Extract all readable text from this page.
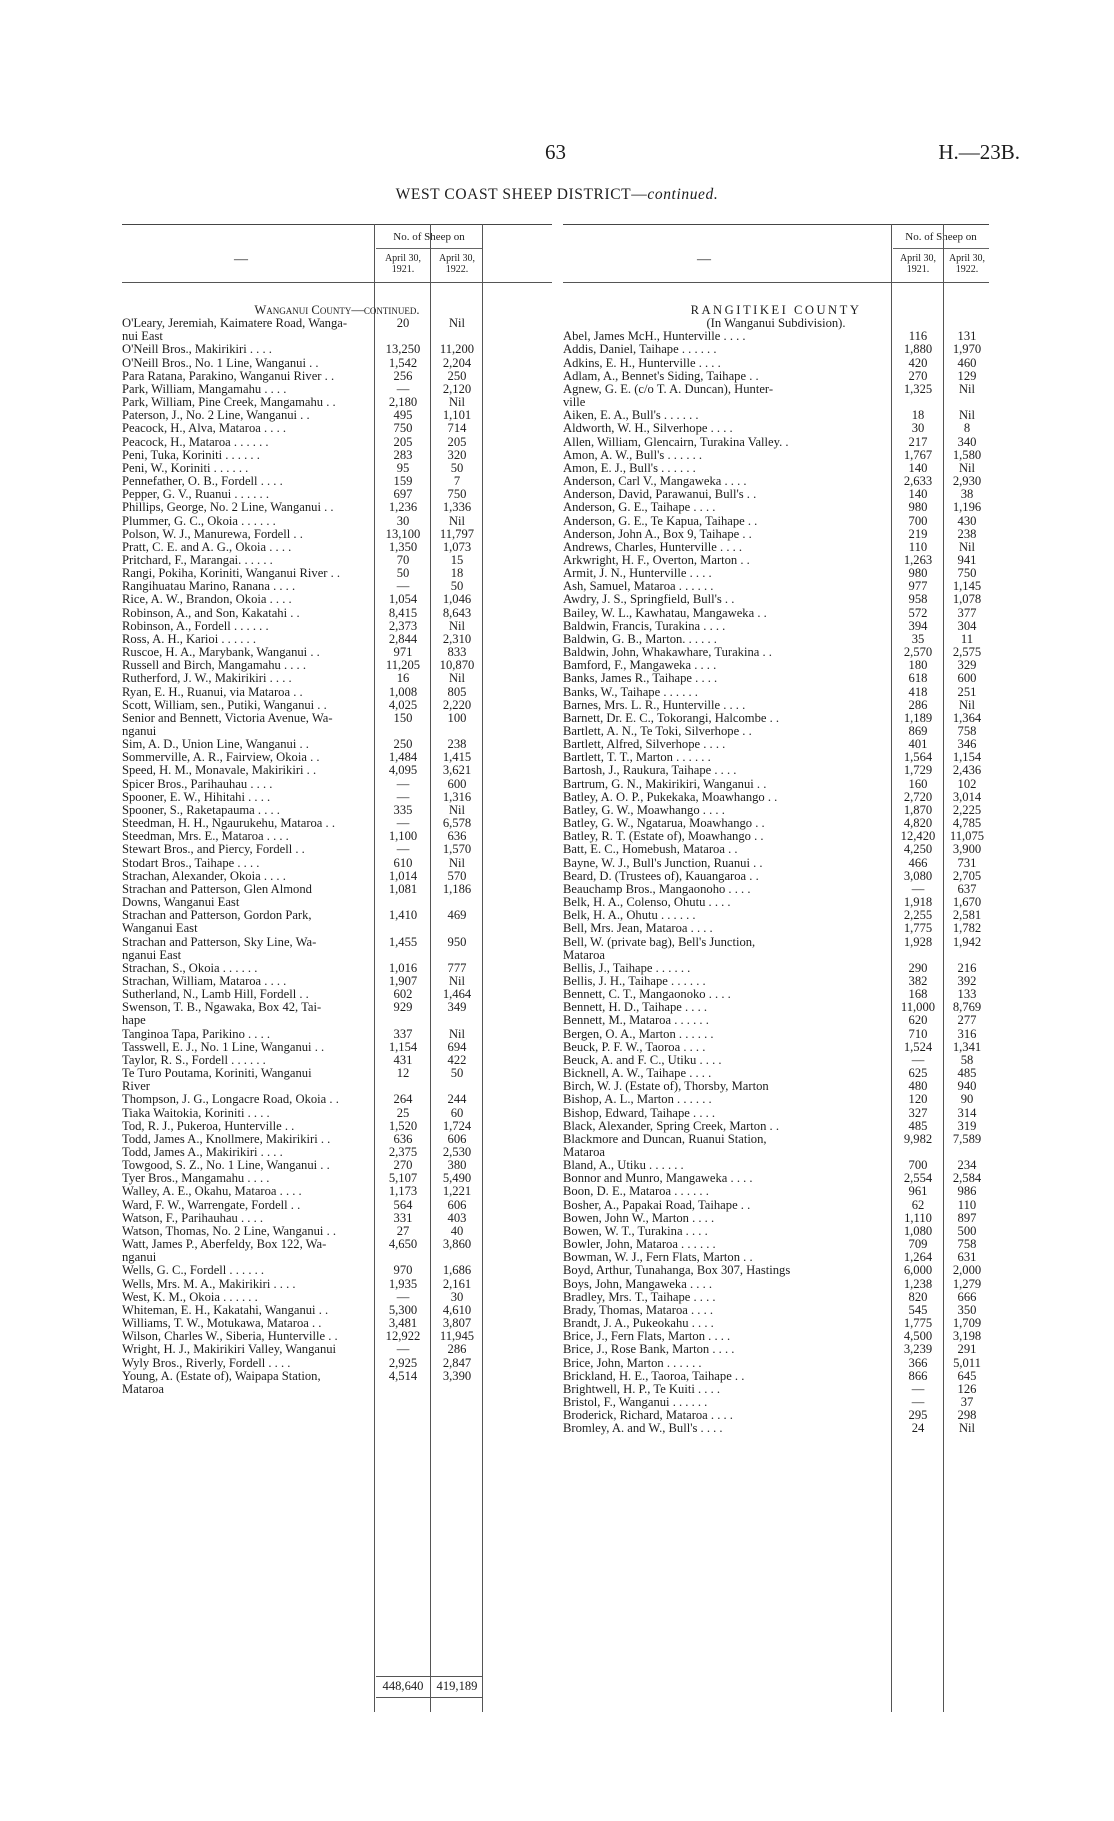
63	H.—23B.
WEST COAST SHEEP DISTRICT—continued.
—
No. of Sheep on
April 30,
1921.
April 30,
1922.
Wanganui County—continued.
O'Leary, Jeremiah, Kaimatere Road, Wanga-	20	Nil
nui East
O'Neill Bros., Makirikiri . . . .	13,250	11,200
O'Neill Bros., No. 1 Line, Wanganui . .	1,542	2,204
Para Ratana, Parakino, Wanganui River . .	256	250
Park, William, Mangamahu . . . .	—	2,120
Park, William, Pine Creek, Mangamahu . .	2,180	Nil
Paterson, J., No. 2 Line, Wanganui . .	495	1,101
Peacock, H., Alva, Mataroa . . . .	750	714
Peacock, H., Mataroa . . . . . .	205	205
Peni, Tuka, Koriniti . . . . . .	283	320
Peni, W., Koriniti . . . . . .	95	50
Pennefather, O. B., Fordell . . . .	159	7
Pepper, G. V., Ruanui . . . . . .	697	750
Phillips, George, No. 2 Line, Wanganui . .	1,236	1,336
Plummer, G. C., Okoia . . . . . .	30	Nil
Polson, W. J., Manurewa, Fordell . .	13,100	11,797
Pratt, C. E. and A. G., Okoia . . . .	1,350	1,073
Pritchard, F., Marangai. . . . . .	70	15
Rangi, Pokiha, Koriniti, Wanganui River . .	50	18
Rangihuatau Marino, Ranana . . . .	—	50
Rice, A. W., Brandon, Okoia . . . .	1,054	1,046
Robinson, A., and Son, Kakatahi . .	8,415	8,643
Robinson, A., Fordell . . . . . .	2,373	Nil
Ross, A. H., Karioi . . . . . .	2,844	2,310
Ruscoe, H. A., Marybank, Wanganui . .	971	833
Russell and Birch, Mangamahu . . . .	11,205	10,870
Rutherford, J. W., Makirikiri . . . .	16	Nil
Ryan, E. H., Ruanui, via Mataroa . .	1,008	805
Scott, William, sen., Putiki, Wanganui . .	4,025	2,220
Senior and Bennett, Victoria Avenue, Wa-	150	100
nganui
Sim, A. D., Union Line, Wanganui . .	250	238
Sommerville, A. R., Fairview, Okoia . .	1,484	1,415
Speed, H. M., Monavale, Makirikiri . .	4,095	3,621
Spicer Bros., Parihauhau . . . .	—	600
Spooner, E. W., Hihitahi . . . .	—	1,316
Spooner, S., Raketapauma . . . .	335	Nil
Steedman, H. H., Ngaurukehu, Mataroa . .	—	6,578
Steedman, Mrs. E., Mataroa . . . .	1,100	636
Stewart Bros., and Piercy, Fordell . .	—	1,570
Stodart Bros., Taihape . . . .	610	Nil
Strachan, Alexander, Okoia . . . .	1,014	570
Strachan and Patterson, Glen Almond	1,081	1,186
Downs, Wanganui East
Strachan and Patterson, Gordon Park,	1,410	469
Wanganui East
Strachan and Patterson, Sky Line, Wa-	1,455	950
nganui East
Strachan, S., Okoia . . . . . .	1,016	777
Strachan, William, Mataroa . . . .	1,907	Nil
Sutherland, N., Lamb Hill, Fordell . .	602	1,464
Swenson, T. B., Ngawaka, Box 42, Tai-	929	349
hape
Tanginoa Tapa, Parikino . . . .	337	Nil
Tasswell, E. J., No. 1 Line, Wanganui . .	1,154	694
Taylor, R. S., Fordell . . . . . .	431	422
Te Turo Poutama, Koriniti, Wanganui	12	50
River
Thompson, J. G., Longacre Road, Okoia . .	264	244
Tiaka Waitokia, Koriniti . . . .	25	60
Tod, R. J., Pukeroa, Hunterville . .	1,520	1,724
Todd, James A., Knollmere, Makirikiri . .	636	606
Todd, James A., Makirikiri . . . .	2,375	2,530
Towgood, S. Z., No. 1 Line, Wanganui . .	270	380
Tyer Bros., Mangamahu . . . .	5,107	5,490
Walley, A. E., Okahu, Mataroa . . . .	1,173	1,221
Ward, F. W., Warrengate, Fordell . .	564	606
Watson, F., Parihauhau . . . .	331	403
Watson, Thomas, No. 2 Line, Wanganui . .	27	40
Watt, James P., Aberfeldy, Box 122, Wa-	4,650	3,860
nganui
Wells, G. C., Fordell . . . . . .	970	1,686
Wells, Mrs. M. A., Makirikiri . . . .	1,935	2,161
West, K. M., Okoia . . . . . .	—	30
Whiteman, E. H., Kakatahi, Wanganui . .	5,300	4,610
Williams, T. W., Motukawa, Mataroa . .	3,481	3,807
Wilson, Charles W., Siberia, Hunterville . .	12,922	11,945
Wright, H. J., Makirikiri Valley, Wanganui	—	286
Wyly Bros., Riverly, Fordell . . . .	2,925	2,847
Young, A. (Estate of), Waipapa Station,	4,514	3,390
Mataroa
448,640	419,189
—
No. of Sheep on
April 30,
1921.
April 30,
1922.
RANGITIKEI COUNTY
(In Wanganui Subdivision).
Abel, James McH., Hunterville . . . .	116	131
Addis, Daniel, Taihape . . . . . .	1,880	1,970
Adkins, E. H., Hunterville . . . .	420	460
Adlam, A., Bennet's Siding, Taihape . .	270	129
Agnew, G. E. (c/o T. A. Duncan), Hunter-	1,325	Nil
ville
Aiken, E. A., Bull's . . . . . .	18	Nil
Aldworth, W. H., Silverhope . . . .	30	8
Allen, William, Glencairn, Turakina Valley. .	217	340
Amon, A. W., Bull's . . . . . .	1,767	1,580
Amon, E. J., Bull's . . . . . .	140	Nil
Anderson, Carl V., Mangaweka . . . .	2,633	2,930
Anderson, David, Parawanui, Bull's . .	140	38
Anderson, G. E., Taihape . . . .	980	1,196
Anderson, G. E., Te Kapua, Taihape . .	700	430
Anderson, John A., Box 9, Taihape . .	219	238
Andrews, Charles, Hunterville . . . .	110	Nil
Arkwright, H. F., Overton, Marton . .	1,263	941
Armit, J. N., Hunterville . . . .	980	750
Ash, Samuel, Mataroa . . . . . .	977	1,145
Awdry, J. S., Springfield, Bull's . .	958	1,078
Bailey, W. L., Kawhatau, Mangaweka . .	572	377
Baldwin, Francis, Turakina . . . .	394	304
Baldwin, G. B., Marton. . . . . .	35	11
Baldwin, John, Whakawhare, Turakina . .	2,570	2,575
Bamford, F., Mangaweka . . . .	180	329
Banks, James R., Taihape . . . .	618	600
Banks, W., Taihape . . . . . .	418	251
Barnes, Mrs. L. R., Hunterville . . . .	286	Nil
Barnett, Dr. E. C., Tokorangi, Halcombe . .	1,189	1,364
Bartlett, A. N., Te Toki, Silverhope . .	869	758
Bartlett, Alfred, Silverhope . . . .	401	346
Bartlett, T. T., Marton . . . . . .	1,564	1,154
Bartosh, J., Raukura, Taihape . . . .	1,729	2,436
Bartrum, G. N., Makirikiri, Wanganui . .	160	102
Batley, A. O. P., Pukekaka, Moawhango . .	2,720	3,014
Batley, G. W., Moawhango . . . .	1,870	2,225
Batley, G. W., Ngatarua, Moawhango . .	4,820	4,785
Batley, R. T. (Estate of), Moawhango . .	12,420	11,075
Batt, E. C., Homebush, Mataroa . .	4,250	3,900
Bayne, W. J., Bull's Junction, Ruanui . .	466	731
Beard, D. (Trustees of), Kauangaroa . .	3,080	2,705
Beauchamp Bros., Mangaonoho . . . .	—	637
Belk, H. A., Colenso, Ohutu . . . .	1,918	1,670
Belk, H. A., Ohutu . . . . . .	2,255	2,581
Bell, Mrs. Jean, Mataroa . . . .	1,775	1,782
Bell, W. (private bag), Bell's Junction,	1,928	1,942
Mataroa
Bellis, J., Taihape . . . . . .	290	216
Bellis, J. H., Taihape . . . . . .	382	392
Bennett, C. T., Mangaonoko . . . .	168	133
Bennett, H. D., Taihape . . . .	11,000	8,769
Bennett, M., Mataroa . . . . . .	620	277
Bergen, O. A., Marton . . . . . .	710	316
Beuck, P. F. W., Taoroa . . . .	1,524	1,341
Beuck, A. and F. C., Utiku . . . .	—	58
Bicknell, A. W., Taihape . . . .	625	485
Birch, W. J. (Estate of), Thorsby, Marton	480	940
Bishop, A. L., Marton . . . . . .	120	90
Bishop, Edward, Taihape . . . .	327	314
Black, Alexander, Spring Creek, Marton . .	485	319
Blackmore and Duncan, Ruanui Station,	9,982	7,589
Mataroa
Bland, A., Utiku . . . . . .	700	234
Bonnor and Munro, Mangaweka . . . .	2,554	2,584
Boon, D. E., Mataroa . . . . . .	961	986
Bosher, A., Papakai Road, Taihape . .	62	110
Bowen, John W., Marton . . . .	1,110	897
Bowen, W. T., Turakina . . . .	1,080	500
Bowler, John, Mataroa . . . . . .	709	758
Bowman, W. J., Fern Flats, Marton . .	1,264	631
Boyd, Arthur, Tunahanga, Box 307, Hastings	6,000	2,000
Boys, John, Mangaweka . . . .	1,238	1,279
Bradley, Mrs. T., Taihape . . . .	820	666
Brady, Thomas, Mataroa . . . .	545	350
Brandt, J. A., Pukeokahu . . . .	1,775	1,709
Brice, J., Fern Flats, Marton . . . .	4,500	3,198
Brice, J., Rose Bank, Marton . . . .	3,239	291
Brice, John, Marton . . . . . .	366	5,011
Brickland, H. E., Taoroa, Taihape . .	866	645
Brightwell, H. P., Te Kuiti . . . .	—	126
Bristol, F., Wanganui . . . . . .	—	37
Broderick, Richard, Mataroa . . . .	295	298
Bromley, A. and W., Bull's . . . .	24	Nil
